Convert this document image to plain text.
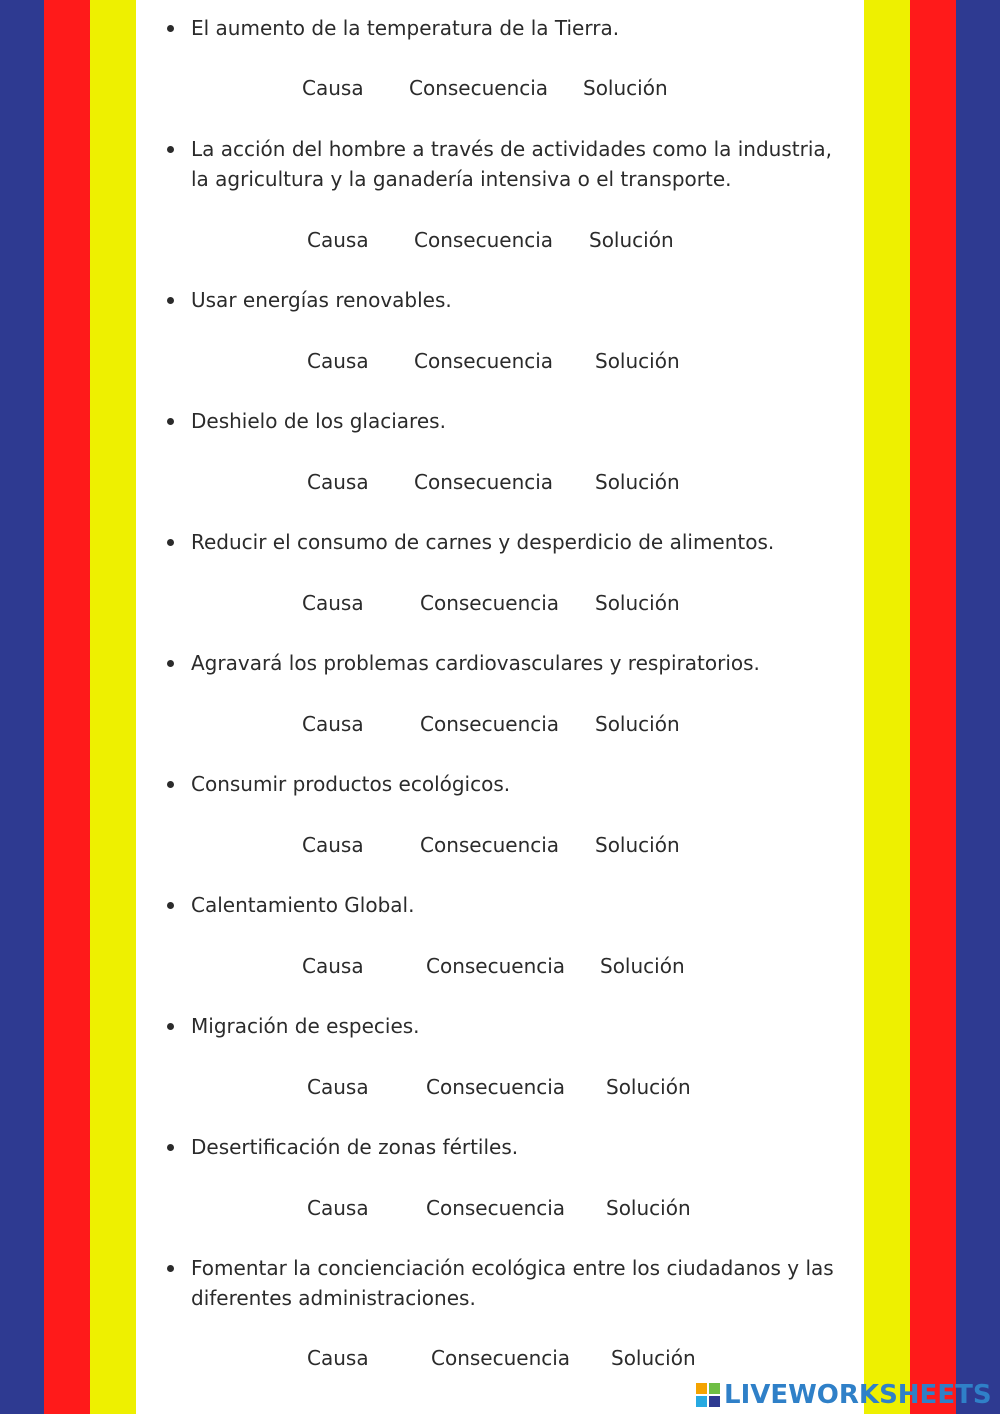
El aumento de la temperatura de la Tierra.
Causa Consecuencia Solución
La acción del hombre a través de actividades como la industria, la agricultura y la ganadería intensiva o el transporte.
Causa Consecuencia Solución
Usar energías renovables.
Causa Consecuencia Solución
Deshielo de los glaciares.
Causa Consecuencia Solución
Reducir el consumo de carnes y desperdicio de alimentos.
Causa	Consecuencia Solución
Agravará los problemas cardiovasculares y respiratorios.
Causa	Consecuencia Solución
Consumir productos ecológicos.
Causa	Consecuencia Solución
Calentamiento Global.
Causa	Consecuencia Solución
Migración de especies.
Causa	Consecuencia Solución
Desertificación de zonas fértiles.
Causa	Consecuencia Solución
Fomentar la concienciación ecológica entre los ciudadanos y las diferentes administraciones.
Causa	Consecuencia Solución
LIVEWORKSHEETS
